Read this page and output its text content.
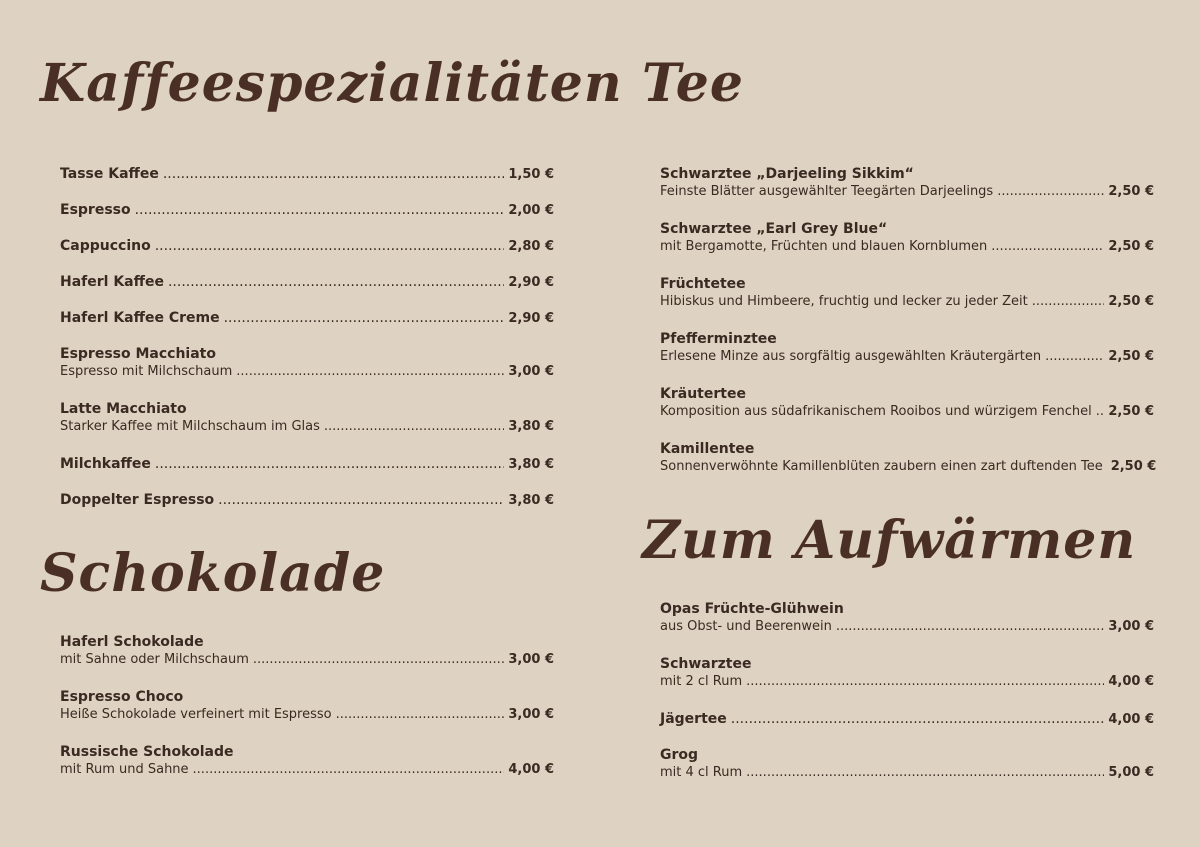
Kaffeespezialitäten
Tasse Kaffee .....	1,50 €
Espresso .....	2,00 €
Cappuccino .....	2,80 €
Haferl Kaffee .....	2,90 €
Haferl Kaffee Creme .....	2,90 €
Espresso Macchiato
Espresso mit Milchschaum .....	3,00 €
Latte Macchiato
Starker Kaffee mit Milchschaum im Glas .....	3,80 €
Milchkaffee .....	3,80 €
Doppelter Espresso .....	3,80 €
Schokolade
Haferl Schokolade
mit Sahne oder Milchschaum .....	3,00 €
Espresso Choco
Heiße Schokolade verfeinert mit Espresso .....	3,00 €
Russische Schokolade
mit Rum und Sahne .....	4,00 €
Tee
Schwarztee „Darjeeling Sikkim“
Feinste Blätter ausgewählter Teegärten Darjeelings .....	2,50 €
Schwarztee „Earl Grey Blue“
mit Bergamotte, Früchten und blauen Kornblumen .....	2,50 €
Früchtetee
Hibiskus und Himbeere, fruchtig und lecker zu jeder Zeit .....	2,50 €
Pfefferminztee
Erlesene Minze aus sorgfältig ausgewählten Kräutergärten .....	2,50 €
Kräutertee
Komposition aus südafrikanischem Rooibos und würzigem Fenchel ..... 2,50 €
Kamillentee
Sonnenverwöhnte Kamillenblüten zaubern einen zart duftenden Tee 2,50 €
Zum Aufwärmen
Opas Früchte-Glühwein
aus Obst- und Beerenwein .....	3,00 €
Schwarztee
mit 2 cl Rum .....	4,00 €
Jägertee .....	4,00 €
Grog
mit 4 cl Rum .....	5,00 €
